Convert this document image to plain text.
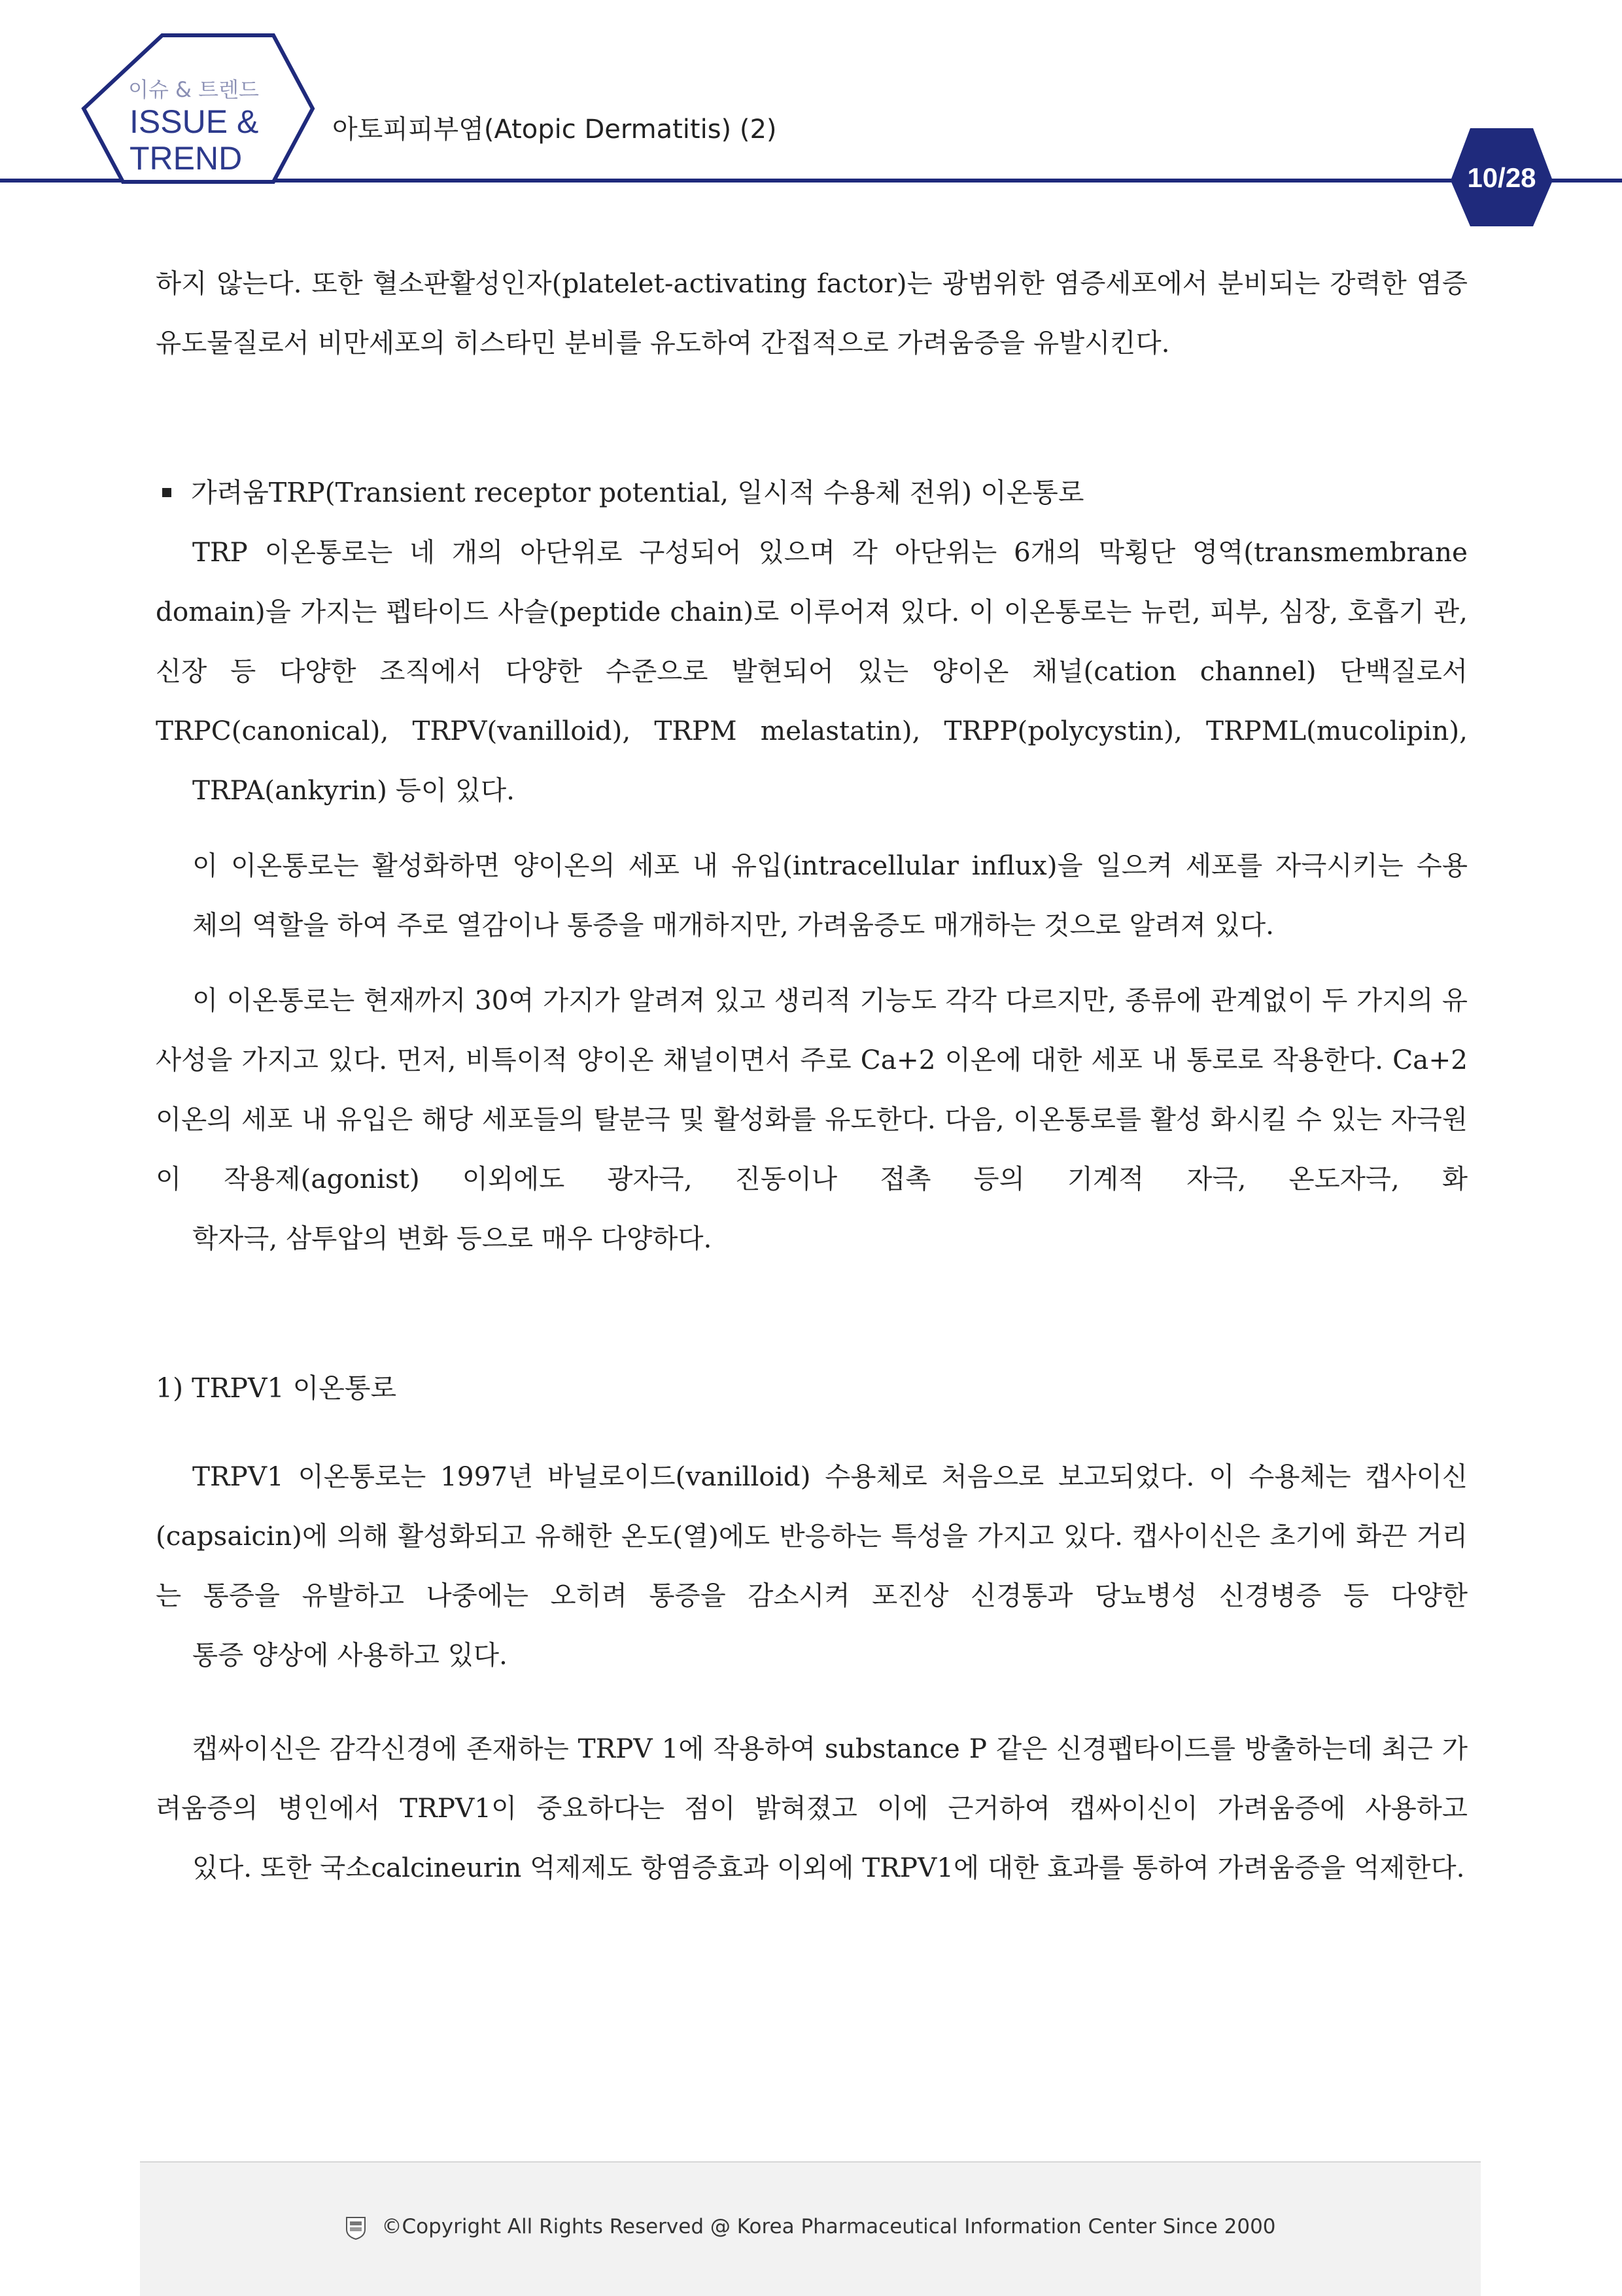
이슈 & 트렌드
ISSUE &
TREND
아토피피부염(Atopic Dermatitis) (2)
10/28

하지 않는다. 또한 혈소판활성인자(platelet-activating factor)는 광범위한 염증세포에서 분비되는 강력한 염증
유도물질로서 비만세포의 히스타민 분비를 유도하여 간접적으로 가려움증을 유발시킨다.

가려움TRP(Transient receptor potential, 일시적 수용체 전위) 이온통로

TRP 이온통로는 네 개의 아단위로 구성되어 있으며 각 아단위는 6개의 막횡단 영역(transmembrane domain)을 가지는 펩타이드 사슬(peptide chain)로 이루어져 있다. 이 이온통로는 뉴런, 피부, 심장, 호흡기 관, 신장 등 다양한 조직에서 다양한 수준으로 발현되어 있는 양이온 채널(cation channel) 단백질로서 TRPC(canonical), TRPV(vanilloid), TRPM melastatin), TRPP(polycystin), TRPML(mucolipin),
TRPA(ankyrin) 등이 있다.

이 이온통로는 활성화하면 양이온의 세포 내 유입(intracellular influx)을 일으켜 세포를 자극시키는 수용
체의 역할을 하여 주로 열감이나 통증을 매개하지만, 가려움증도 매개하는 것으로 알려져 있다.

이 이온통로는 현재까지 30여 가지가 알려져 있고 생리적 기능도 각각 다르지만, 종류에 관계없이 두 가지의 유사성을 가지고 있다. 먼저, 비특이적 양이온 채널이면서 주로 Ca+2 이온에 대한 세포 내 통로로 작용한다. Ca+2이온의 세포 내 유입은 해당 세포들의 탈분극 및 활성화를 유도한다. 다음, 이온통로를 활성 화시킬 수 있는 자극원이 작용제(agonist) 이외에도 광자극, 진동이나 접촉 등의 기계적 자극, 온도자극, 화
학자극, 삼투압의 변화 등으로 매우 다양하다.

1) TRPV1 이온통로

TRPV1 이온통로는 1997년 바닐로이드(vanilloid) 수용체로 처음으로 보고되었다. 이 수용체는 캡사이신 (capsaicin)에 의해 활성화되고 유해한 온도(열)에도 반응하는 특성을 가지고 있다. 캡사이신은 초기에 화끈 거리는 통증을 유발하고 나중에는 오히려 통증을 감소시켜 포진상 신경통과 당뇨병성 신경병증 등 다양한
통증 양상에 사용하고 있다.

캡싸이신은 감각신경에 존재하는 TRPV 1에 작용하여 substance P 같은 신경펩타이드를 방출하는데 최근 가려움증의 병인에서 TRPV1이 중요하다는 점이 밝혀졌고 이에 근거하여 캡싸이신이 가려움증에 사용하고
있다. 또한 국소calcineurin 억제제도 항염증효과 이외에 TRPV1에 대한 효과를 통하여 가려움증을 억제한다.

©Copyright All Rights Reserved @ Korea Pharmaceutical Information Center Since 2000
